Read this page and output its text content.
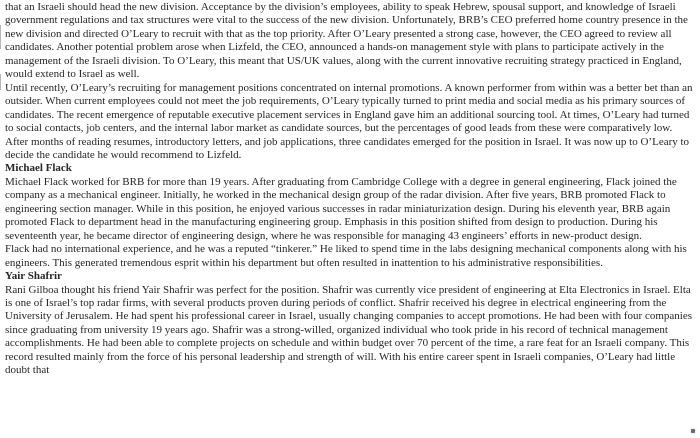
that an Israeli should head the new division. Acceptance by the division’s employees, ability to speak Hebrew, spousal support, and knowledge of Israeli government regulations and tax structures were vital to the success of the new division. Unfortunately, BRB’s CEO preferred home country presence in the new division and directed O’Leary to recruit with that as the top priority. After O’Leary presented a strong case, however, the CEO agreed to review all candidates. Another potential problem arose when Lizfeld, the CEO, announced a hands-on management style with plans to participate actively in the management of the Israeli division. To O’Leary, this meant that US/UK values, along with the current innovative recruiting strategy practiced in England, would extend to Israel as well.

Until recently, O’Leary’s recruiting for management positions concentrated on internal promotions. A known performer from within was a better bet than an outsider. When current employees could not meet the job requirements, O’Leary typically turned to print media and social media as his primary sources of candidates. The recent emergence of reputable executive placement services in England gave him an additional sourcing tool. At times, O’Leary had turned to social contacts, job centers, and the internal labor market as candidate sources, but the percentages of good leads from these were comparatively low.

After months of reading resumes, introductory letters, and job applications, three candidates emerged for the position in Israel. It was now up to O’Leary to decide the candidate he would recommend to Lizfeld.

Michael Flack

Michael Flack worked for BRB for more than 19 years. After graduating from Cambridge College with a degree in general engineering, Flack joined the company as a mechanical engineer. Initially, he worked in the mechanical design group of the radar division. After five years, BRB promoted Flack to engineering section manager. While in this position, he enjoyed various successes in radar miniaturization design. During his eleventh year, BRB again promoted Flack to department head in the manufacturing engineering group. Emphasis in this position shifted from design to production. During his seventeenth year, he became director of engineering design, where he was responsible for managing 43 engineers’ efforts in new-product design.

Flack had no international experience, and he was a reputed “tinkerer.” He liked to spend time in the labs designing mechanical components along with his engineers. This generated tremendous esprit within his department but often resulted in inattention to his administrative responsibilities.

Yair Shafrir

Rani Gilboa thought his friend Yair Shafrir was perfect for the position. Shafrir was currently vice president of engineering at Elta Electronics in Israel. Elta is one of Israel’s top radar firms, with several products proven during periods of conflict. Shafrir received his degree in electrical engineering from the University of Jerusalem. He had spent his professional career in Israel, usually changing companies to accept promotions. He had been with four companies since graduating from university 19 years ago. Shafrir was a strong-willed, organized individual who took pride in his record of technical management accomplishments. He had been able to complete projects on schedule and within budget over 70 percent of the time, a rare feat for an Israeli company. This record resulted mainly from the force of his personal leadership and strength of will. With his entire career spent in Israeli companies, O’Leary had little doubt that
